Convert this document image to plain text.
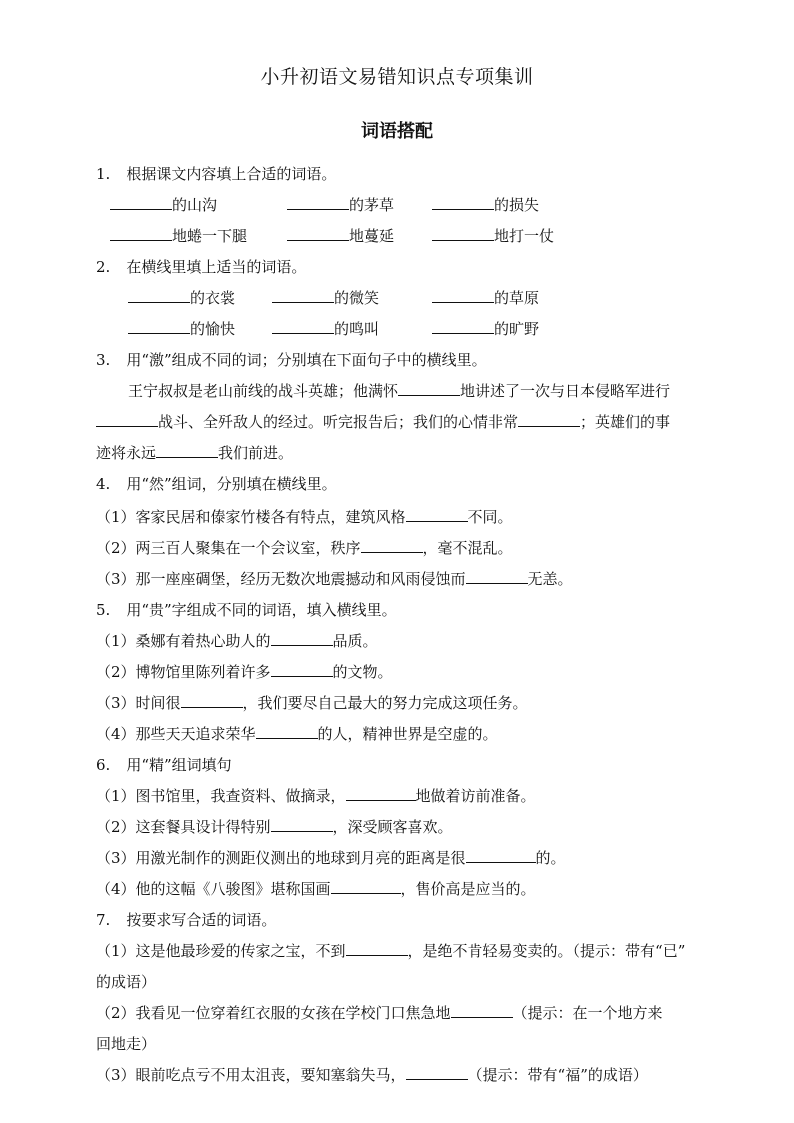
小升初语文易错知识点专项集训
词语搭配
1. 根据课文内容填上合适的词语。
的山沟	的茅草	的损失
地蜷一下腿	地蔓延	地打一仗
2. 在横线里填上适当的词语。
的衣裳	的微笑	的草原
的愉快	的鸣叫	的旷野
3. 用“激”组成不同的词；分别填在下面句子中的横线里。
王宁叔叔是老山前线的战斗英雄；他满怀	地讲述了一次与日本侵略军进行
战斗、全歼敌人的经过。听完报告后；我们的心情非常	；英雄们的事
迹将永远	我们前进。
4. 用“然”组词，分别填在横线里。
（1）客家民居和傣家竹楼各有特点，建筑风格	不同。
（2）两三百人聚集在一个会议室，秩序	，毫不混乱。
（3）那一座座碉堡，经历无数次地震撼动和风雨侵蚀而	无恙。
5. 用“贵”字组成不同的词语，填入横线里。
（1）桑娜有着热心助人的	品质。
（2）博物馆里陈列着许多	的文物。
（3）时间很	，我们要尽自己最大的努力完成这项任务。
（4）那些天天追求荣华	的人，精神世界是空虚的。
6. 用“精”组词填句
（1）图书馆里，我查资料、做摘录，	地做着访前准备。
（2）这套餐具设计得特别	，深受顾客喜欢。
（3）用激光制作的测距仪测出的地球到月亮的距离是很	的。
（4）他的这幅《八骏图》堪称国画	，售价高是应当的。
7. 按要求写合适的词语。
（1）这是他最珍爱的传家之宝，不到	，是绝不肯轻易变卖的。（提示：带有“已”
的成语）
（2）我看见一位穿着红衣服的女孩在学校门口焦急地	（提示：在一个地方来
回地走）
（3）眼前吃点亏不用太沮丧，要知塞翁失马，	（提示：带有“福”的成语）
